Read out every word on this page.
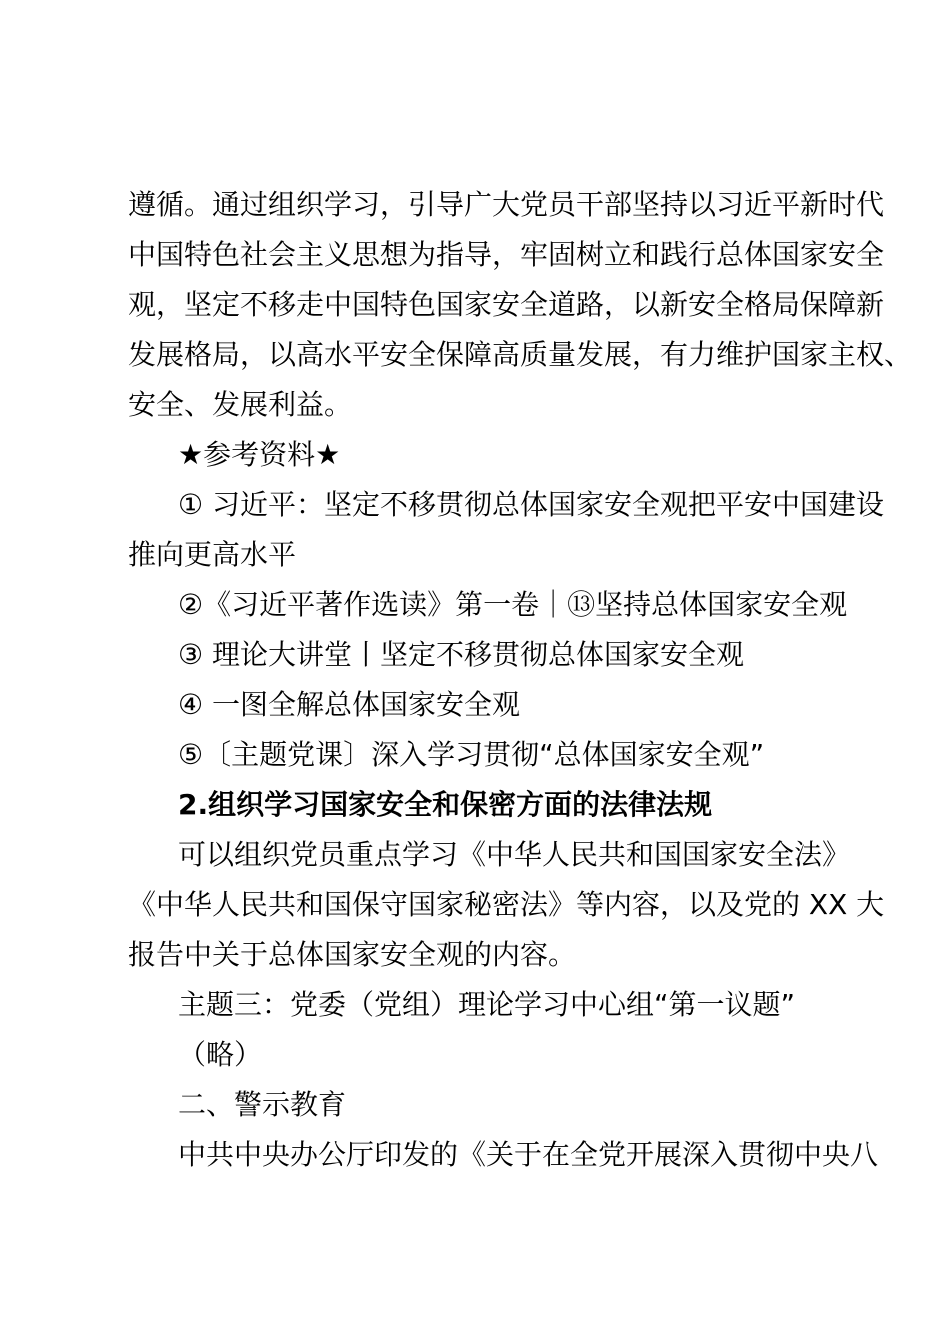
遵循。通过组织学习，引导广大党员干部坚持以习近平新时代
中国特色社会主义思想为指导，牢固树立和践行总体国家安全
观，坚定不移走中国特色国家安全道路，以新安全格局保障新
发展格局，以高水平安全保障高质量发展，有力维护国家主权、
安全、发展利益。
★参考资料★
① 习近平：坚定不移贯彻总体国家安全观把平安中国建设
推向更高水平
②《习近平著作选读》第一卷｜⑬坚持总体国家安全观
③ 理论大讲堂丨坚定不移贯彻总体国家安全观
④ 一图全解总体国家安全观
⑤〔主题党课〕深入学习贯彻“总体国家安全观”
2.组织学习国家安全和保密方面的法律法规
可以组织党员重点学习《中华人民共和国国家安全法》
《中华人民共和国保守国家秘密法》等内容，以及党的 XX 大
报告中关于总体国家安全观的内容。
主题三：党委（党组）理论学习中心组“第一议题”
（略）
二、警示教育
中共中央办公厅印发的《关于在全党开展深入贯彻中央八
